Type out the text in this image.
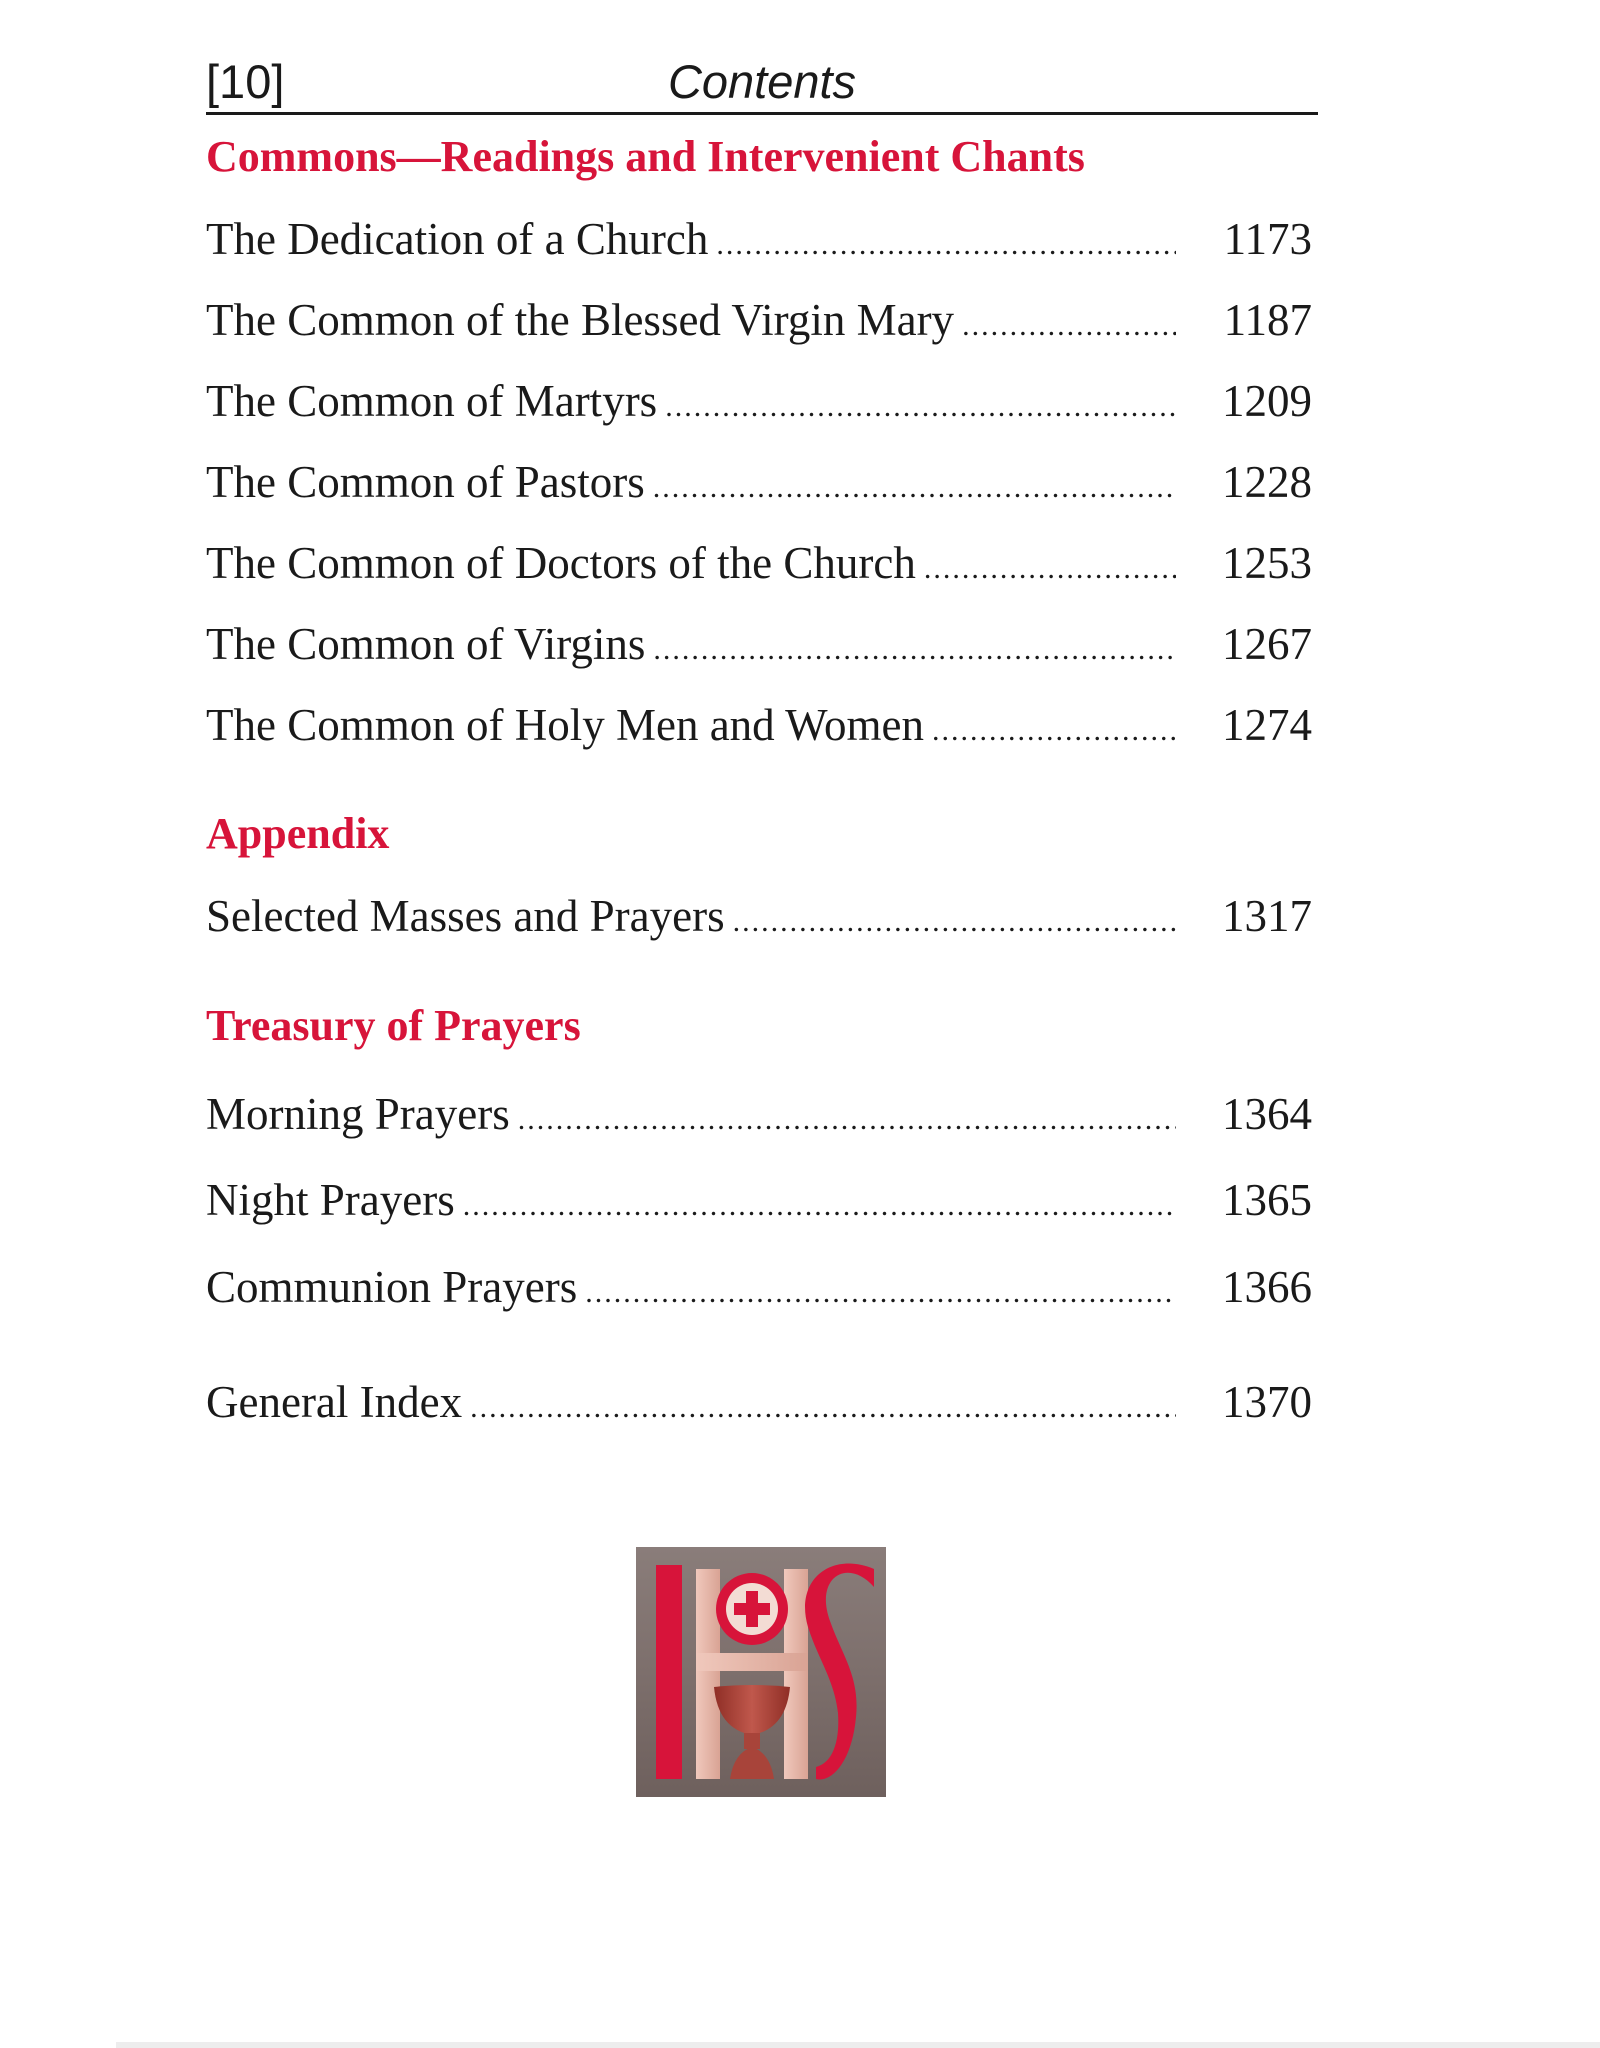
[10]	Contents
Commons—Readings and Intervenient Chants
The Dedication of a Church .....	1173
The Common of the Blessed Virgin Mary .....	1187
The Common of Martyrs .....	1209
The Common of Pastors .....	1228
The Common of Doctors of the Church .....	1253
The Common of Virgins .....	1267
The Common of Holy Men and Women .....	1274
Appendix
Selected Masses and Prayers .....	1317
Treasury of Prayers
Morning Prayers .....	1364
Night Prayers .....	1365
Communion Prayers .....	1366
General Index .....	1370
